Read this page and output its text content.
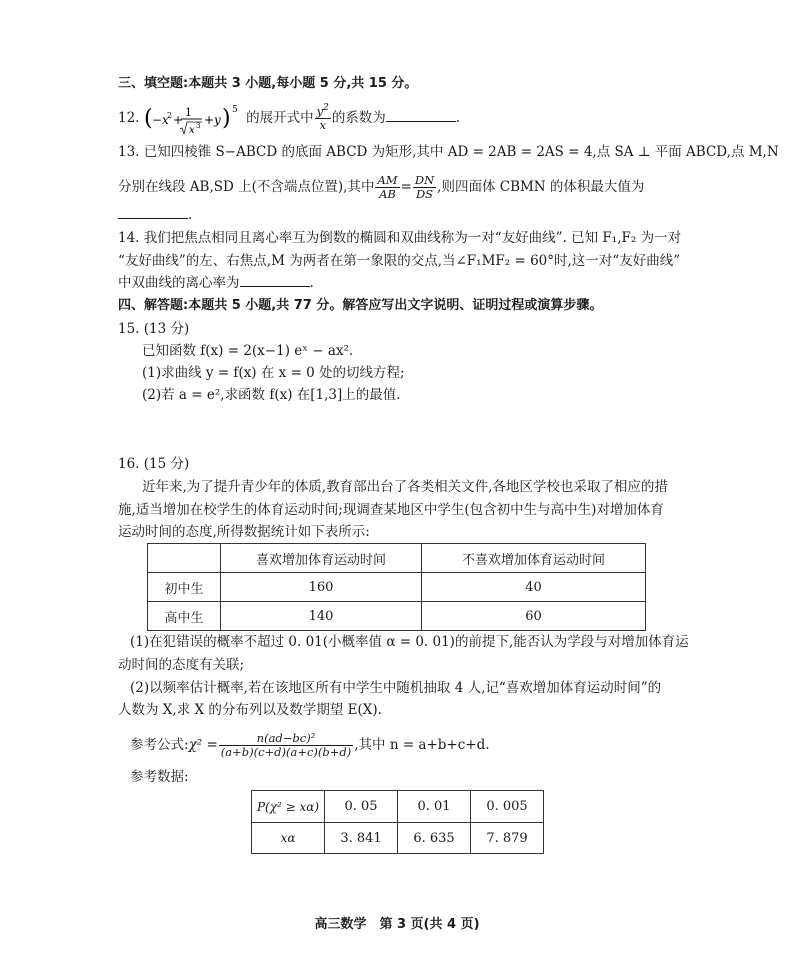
三、填空题:本题共 3 小题,每小题 5 分,共 15 分。
12. ( −x
2 +
1
x 3 + y ) 5
的展开式中 $\frac{y^2}{x}$ 的系数为	.
13. 已知四棱锥 S−ABCD 的底面 ABCD 为矩形,其中 AD = 2AB = 2AS = 4,点 SA ⊥ 平面 ABCD,点 M,N
分别在线段 AB,SD 上(不含端点位置),其中 $\frac{AM}{AB} = \frac{DN}{DS}$ ,则四面体 CBMN 的体积最大值为
.
14. 我们把焦点相同且离心率互为倒数的椭圆和双曲线称为一对“友好曲线”. 已知 F₁,F₂ 为一对
“友好曲线”的左、右焦点,M 为两者在第一象限的交点,当∠F₁MF₂ = 60°时,这一对“友好曲线”
中双曲线的离心率为	.
四、解答题:本题共 5 小题,共 77 分。解答应写出文字说明、证明过程或演算步骤。
15. (13 分)
已知函数 f(x) = 2(x−1) eˣ − ax².
(1)求曲线 y = f(x) 在 x = 0 处的切线方程;
(2)若 a = e²,求函数 f(x) 在[1,3]上的最值.
16. (15 分)
近年来,为了提升青少年的体质,教育部出台了各类相关文件,各地区学校也采取了相应的措
施,适当增加在校学生的体育运动时间;现调查某地区中学生(包含初中生与高中生)对增加体育
运动时间的态度,所得数据统计如下表所示:
	喜欢增加体育运动时间	不喜欢增加体育运动时间
初中生	160	40
高中生	140	60
(1)在犯错误的概率不超过 0. 01(小概率值 α = 0. 01)的前提下,能否认为学段与对增加体育运
动时间的态度有关联;
(2)以频率估计概率,若在该地区所有中学生中随机抽取 4 人,记“喜欢增加体育运动时间”的
人数为 X,求 X 的分布列以及数学期望 E(X).
参考公式:χ² = $\frac{\text{n(ad−bc)²}}{(a+b)(c+d)(a+c)(b+d)}$ ,其中 n = a+b+c+d.
参考数据:
P(χ² ≥ xα)	0. 05	0. 01	0. 005
xα	3. 841	6. 635	7. 879
高三数学　第 3 页(共 4 页)
